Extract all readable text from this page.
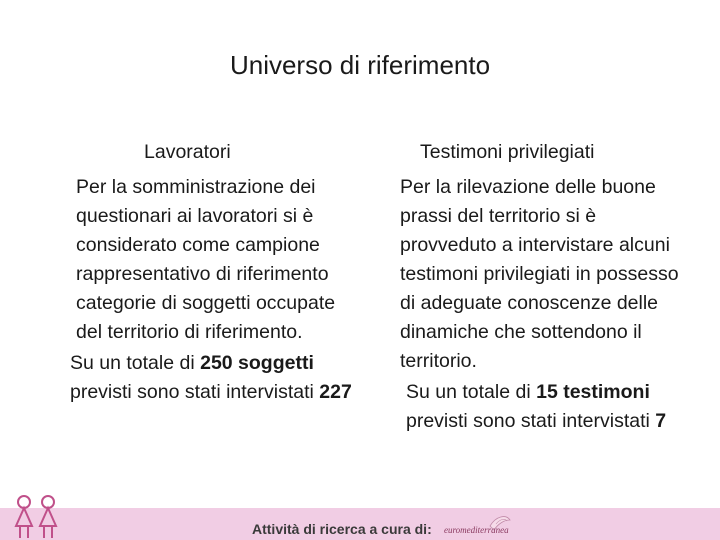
Universo di riferimento
Lavoratori

Per la somministrazione dei questionari ai lavoratori si è considerato come campione rappresentativo di riferimento categorie di soggetti occupate del territorio di riferimento.

Su un totale di 250 soggetti previsti sono stati intervistati 227

Testimoni privilegiati

Per la rilevazione delle buone prassi del territorio si è provveduto a intervistare alcuni testimoni privilegiati in possesso di adeguate conoscenze delle dinamiche che sottendono il territorio.

Su un totale di 15 testimoni previsti sono stati intervistati 7

Attività di ricerca a cura di: euromediterranea
